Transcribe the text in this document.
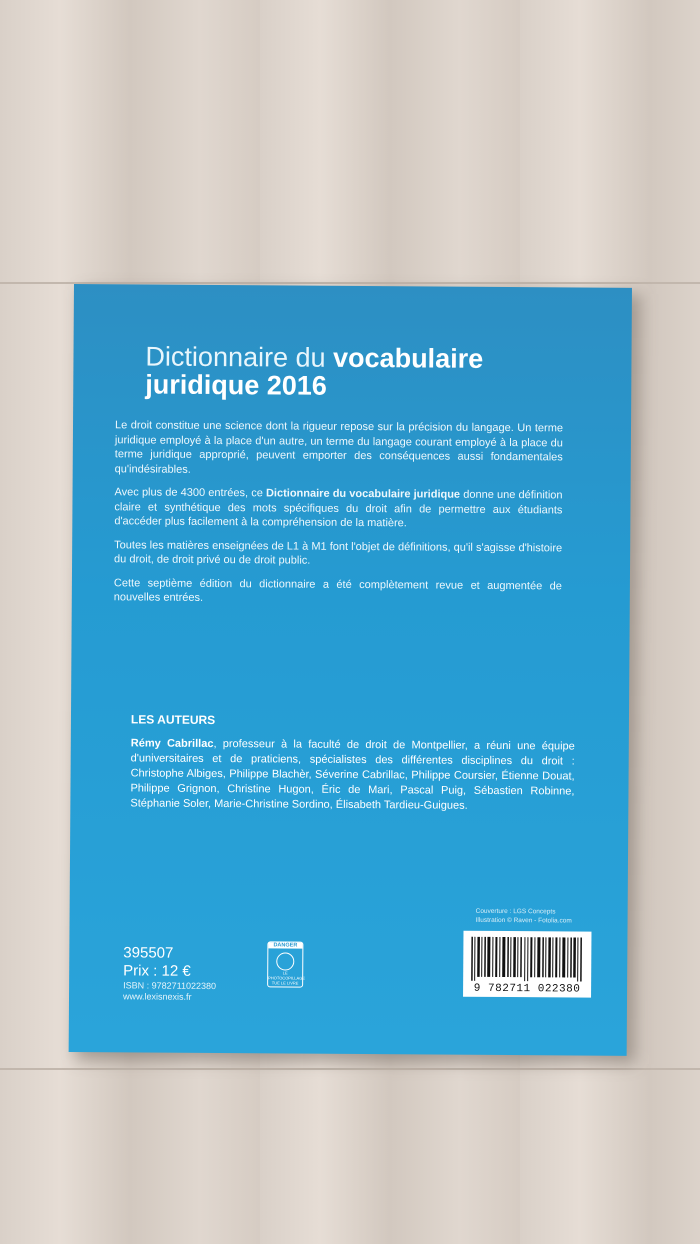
Dictionnaire du vocabulaire
juridique 2016

Le droit constitue une science dont la rigueur repose sur la précision du langage. Un terme juridique employé à la place d'un autre, un terme du langage courant employé à la place du terme juridique approprié, peuvent emporter des conséquences aussi fondamentales qu'indésirables.

Avec plus de 4300 entrées, ce Dictionnaire du vocabulaire juridique donne une définition claire et synthétique des mots spécifiques du droit afin de permettre aux étudiants d'accéder plus facilement à la compréhension de la matière.

Toutes les matières enseignées de L1 à M1 font l'objet de définitions, qu'il s'agisse d'histoire du droit, de droit privé ou de droit public.

Cette septième édition du dictionnaire a été complètement revue et augmentée de nouvelles entrées.

LES AUTEURS
Rémy Cabrillac, professeur à la faculté de droit de Montpellier, a réuni une équipe d'universitaires et de praticiens, spécialistes des différentes disciplines du droit : Christophe Albiges, Philippe Blachèr, Séverine Cabrillac, Philippe Coursier, Étienne Douat, Philippe Grignon, Christine Hugon, Éric de Mari, Pascal Puig, Sébastien Robinne, Stéphanie Soler, Marie-Christine Sordino, Élisabeth Tardieu-Guigues.
Couverture : LGS Concepts
Illustration © Raven - Fotolia.com
9 782711 022380
395507
Prix : 12 €
ISBN : 9782711022380
www.lexisnexis.fr
DANGER
LE PHOTOCOPILLAGE TUE LE LIVRE
